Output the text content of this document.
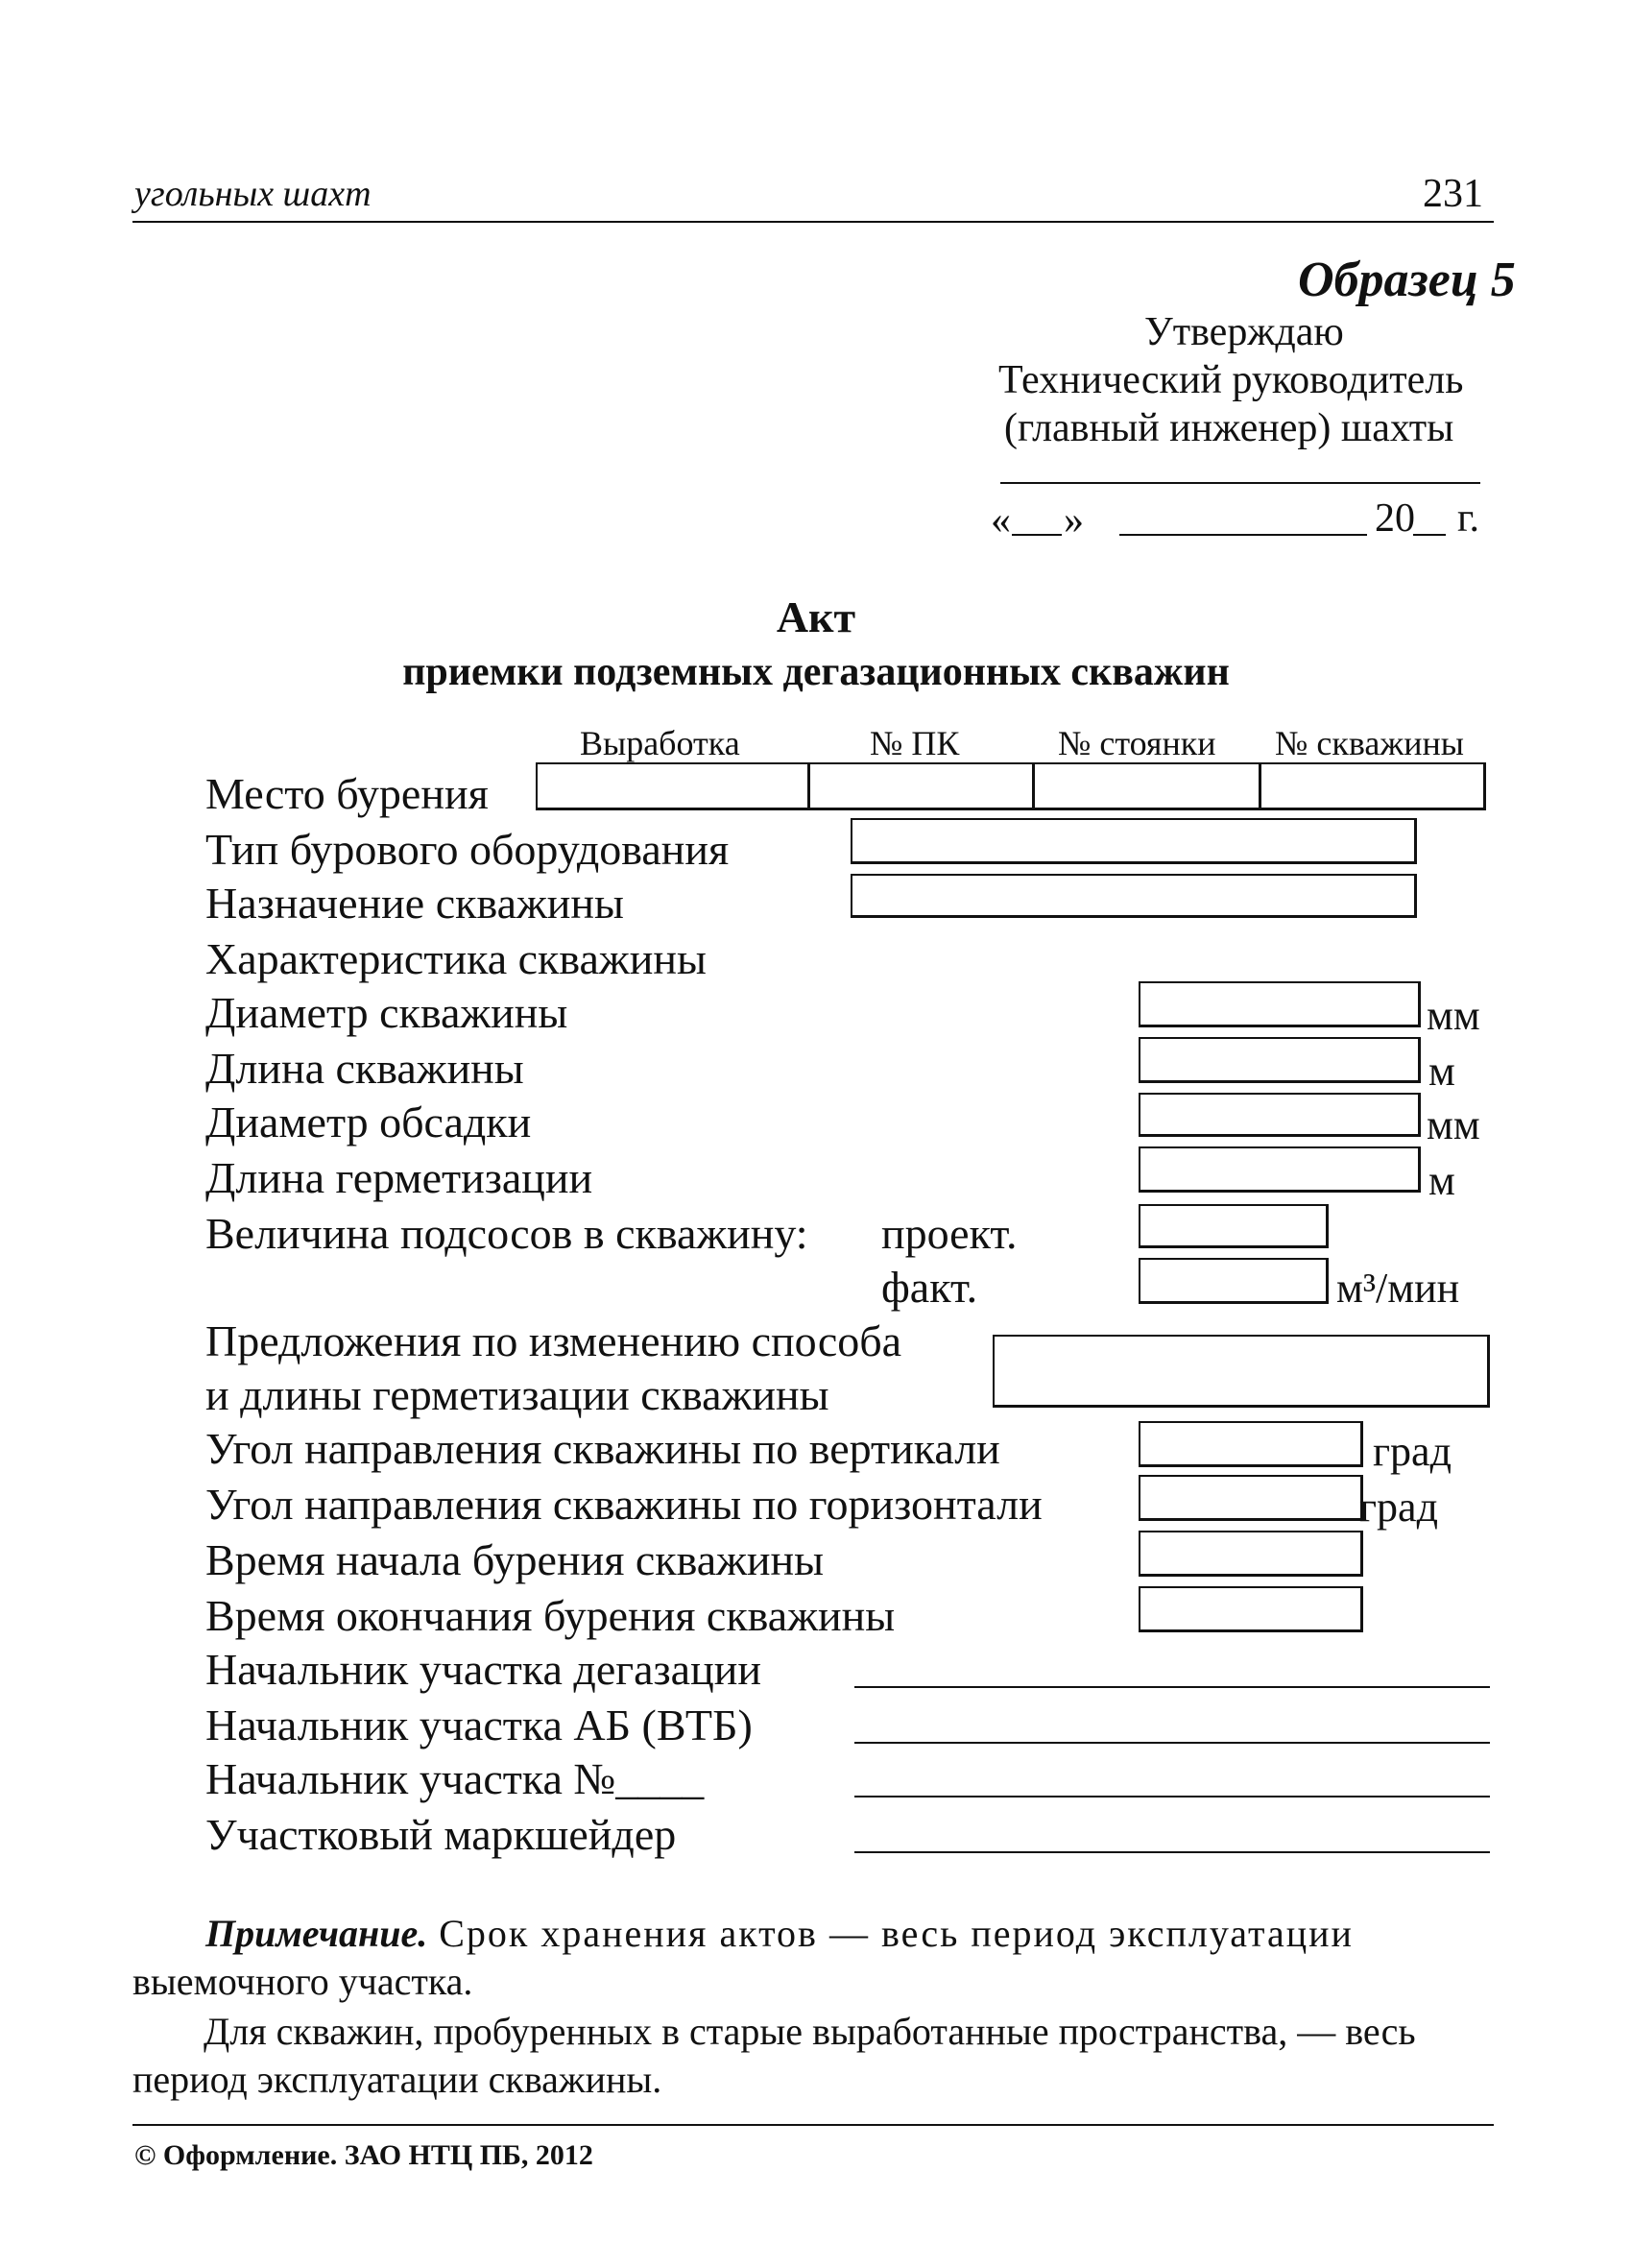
угольных шахт	231
Образец 5
Утверждаю
Технический руководитель
(главный инженер) шахты
« »	20 г.
Акт
приемки подземных дегазационных скважин
Выработка	№ ПК	№ стоянки № скважины
Место бурения
Тип бурового оборудования
Назначение скважины
Характеристика скважины
Диаметр скважины	мм
Длина скважины	м
Диаметр обсадки	мм
Длина герметизации	м
Величина подсосов в скважину: проект.
факт.	м³/мин
Предложения по изменению способа
и длины герметизации скважины
Угол направления скважины по вертикали	град
Угол направления скважины по горизонтали	град
Время начала бурения скважины
Время окончания бурения скважины
Начальник участка дегазации
Начальник участка АБ (ВТБ)
Начальник участка №____
Участковый маркшейдер
Примечание. Срок хранения актов — весь период эксплуатации
выемочного участка.
Для скважин, пробуренных в старые выработанные пространства, — весь
период эксплуатации скважины.
© Оформление. ЗАО НТЦ ПБ, 2012
